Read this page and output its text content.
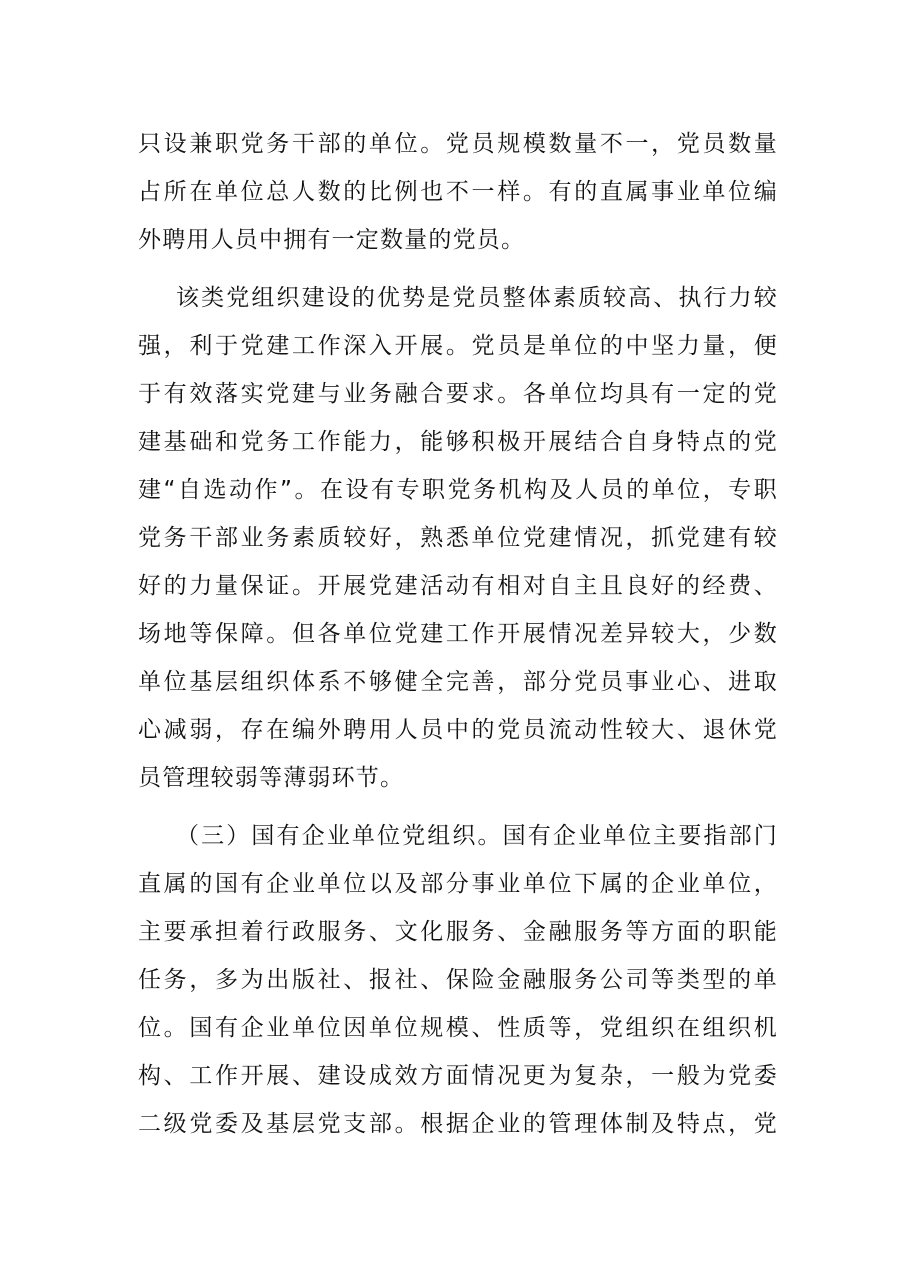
只设兼职党务干部的单位。党员规模数量不一，党员数量
占所在单位总人数的比例也不一样。有的直属事业单位编
外聘用人员中拥有一定数量的党员。
该类党组织建设的优势是党员整体素质较高、执行力较
强，利于党建工作深入开展。党员是单位的中坚力量，便
于有效落实党建与业务融合要求。各单位均具有一定的党
建基础和党务工作能力，能够积极开展结合自身特点的党
建“自选动作”。在设有专职党务机构及人员的单位，专职
党务干部业务素质较好，熟悉单位党建情况，抓党建有较
好的力量保证。开展党建活动有相对自主且良好的经费、
场地等保障。但各单位党建工作开展情况差异较大，少数
单位基层组织体系不够健全完善，部分党员事业心、进取
心减弱，存在编外聘用人员中的党员流动性较大、退休党
员管理较弱等薄弱环节。
（三）国有企业单位党组织。国有企业单位主要指部门
直属的国有企业单位以及部分事业单位下属的企业单位，
主要承担着行政服务、文化服务、金融服务等方面的职能
任务，多为出版社、报社、保险金融服务公司等类型的单
位。国有企业单位因单位规模、性质等，党组织在组织机
构、工作开展、建设成效方面情况更为复杂，一般为党委
二级党委及基层党支部。根据企业的管理体制及特点，党
